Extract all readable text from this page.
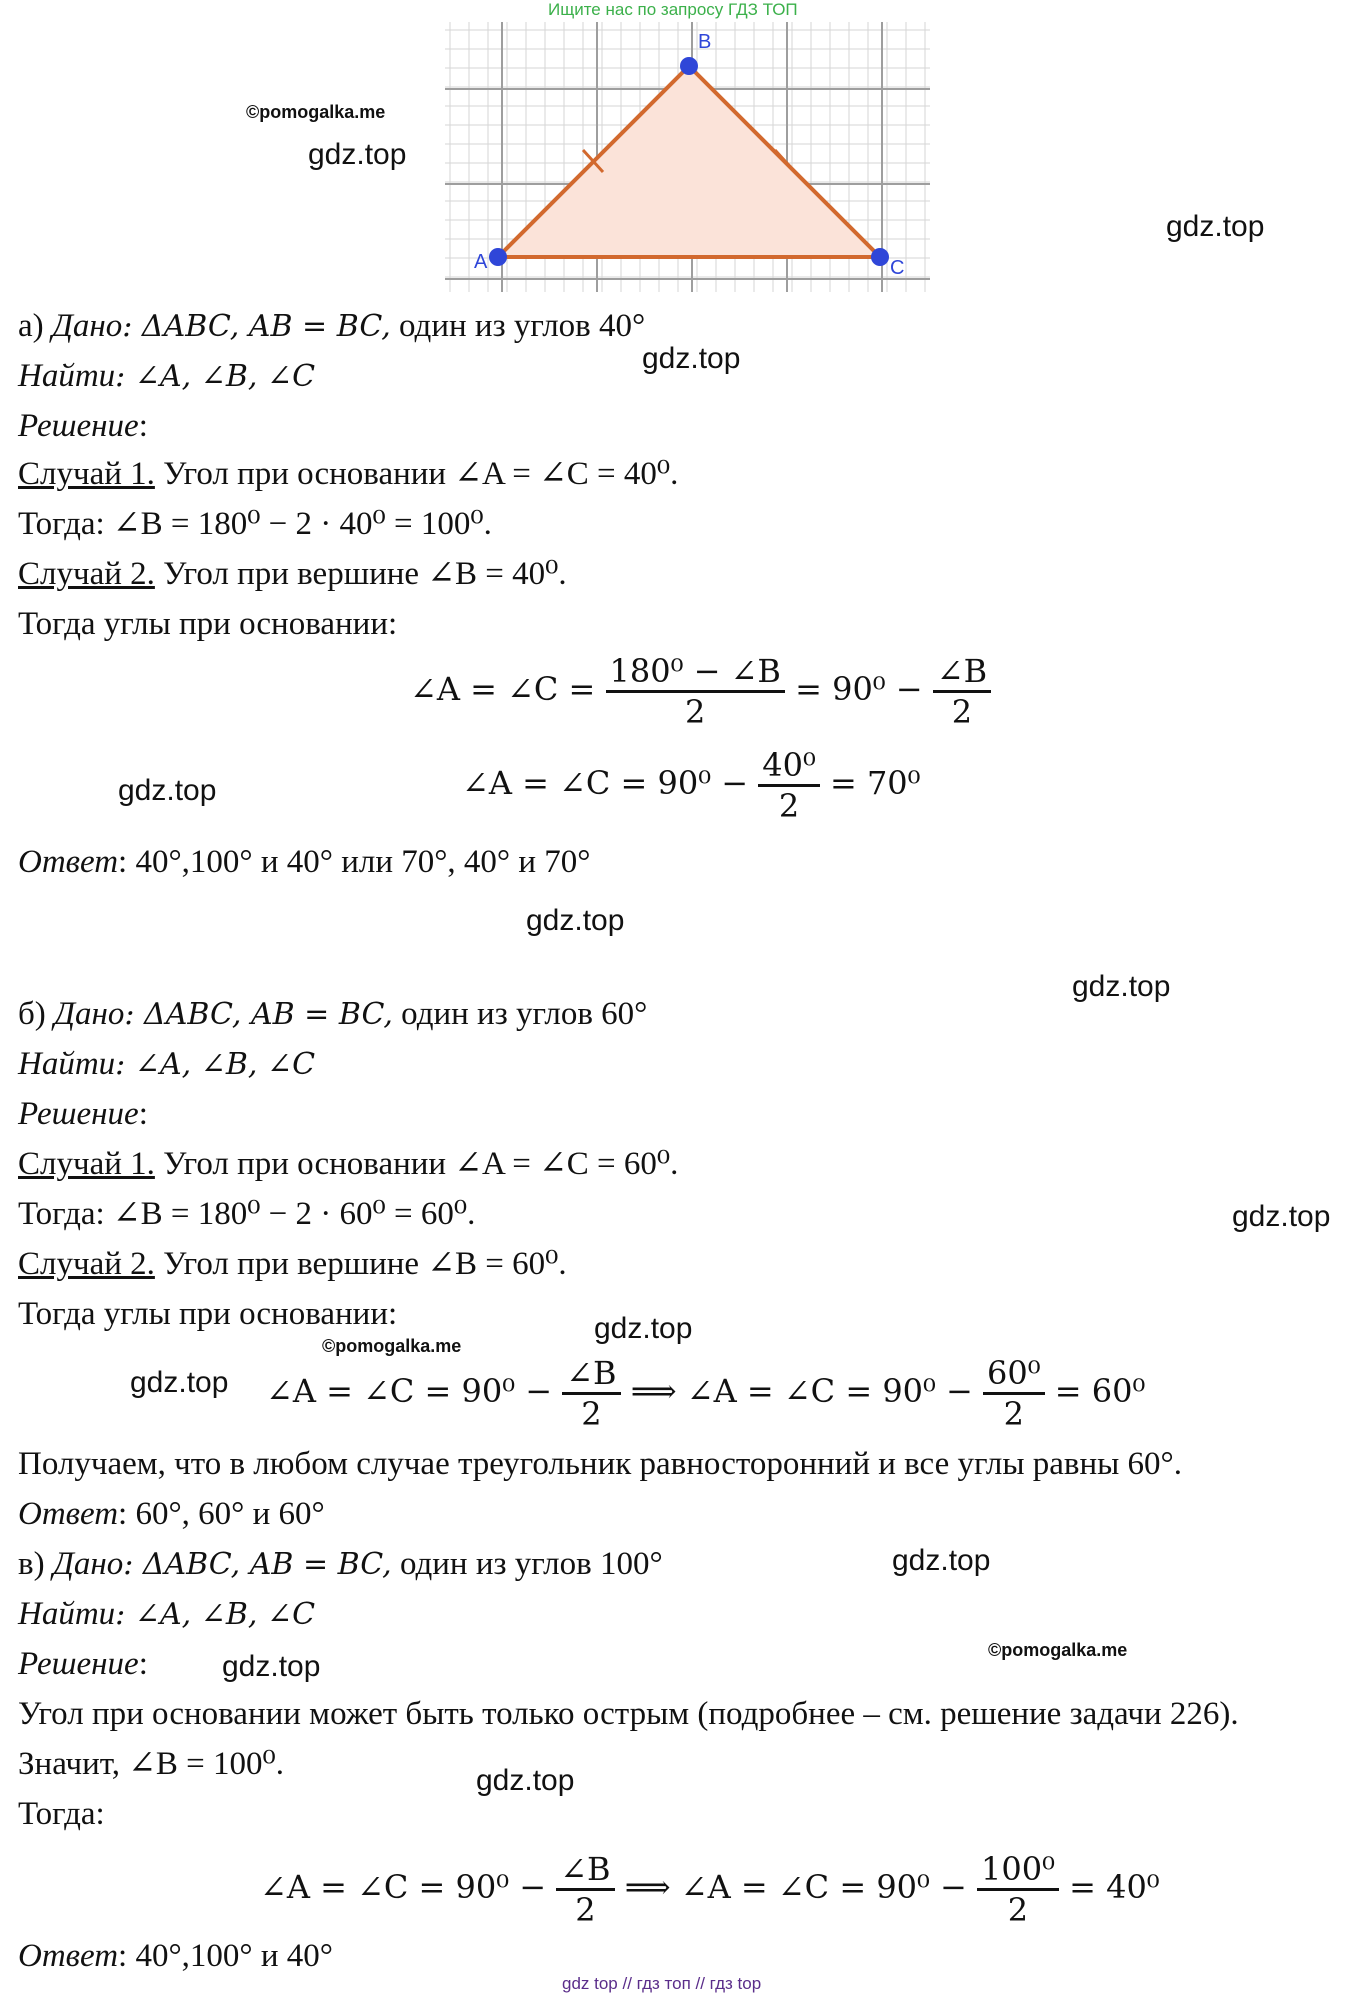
Ищите нас по запросу ГДЗ ТОП
A
B
C
©pomogalka.me
gdz.top
gdz.top
gdz.top
gdz.top
gdz.top
gdz.top
gdz.top
gdz.top
©pomogalka.me
gdz.top
gdz.top
©pomogalka.me
gdz.top
gdz.top
а) Дано: ΔABC, AB = BC, один из углов 40°
Найти: ∠A, ∠B, ∠C
Решение:
Случай 1. Угол при основании ∠A = ∠C = 40⁰.
Тогда: ∠B = 180⁰ − 2 · 40⁰ = 100⁰.
Случай 2. Угол при вершине ∠B = 40⁰.
Тогда углы при основании:
∠A = ∠C = $\frac{\text{180⁰ − ∠B}}{2} = 90^0 - \frac{\angle B}{2}$
∠A = ∠C = $90^0 - \frac{\text{40⁰}}{2} = 70^0$
Ответ: 40°,100° и 40° или 70°, 40° и 70°
б) Дано: ΔABC, AB = BC, один из углов 60°
Найти: ∠A, ∠B, ∠C
Решение:
Случай 1. Угол при основании ∠A = ∠C = 60⁰.
Тогда: ∠B = 180⁰ − 2 · 60⁰ = 60⁰.
Случай 2. Угол при вершине ∠B = 60⁰.
Тогда углы при основании:
∠A = ∠C = $90^0 - \frac{\angle B}{2}$ ⟹ ∠A = ∠C = $90^0 - \frac{\text{60⁰}}{2} = 60^0$
Получаем, что в любом случае треугольник равносторонний и все углы равны 60°.
Ответ: 60°, 60° и 60°
в) Дано: ΔABC, AB = BC, один из углов 100°
Найти: ∠A, ∠B, ∠C
Решение:
Угол при основании может быть только острым (подробнее – см. решение задачи 226).
Значит, ∠B = 100⁰.
Тогда:
∠A = ∠C = $90^0 - \frac{\angle B}{2}$ ⟹ ∠A = ∠C = $90^0 - \frac{\text{100⁰}}{2} = 40^0$
Ответ: 40°,100° и 40°
gdz top // гдз топ // гдз top
